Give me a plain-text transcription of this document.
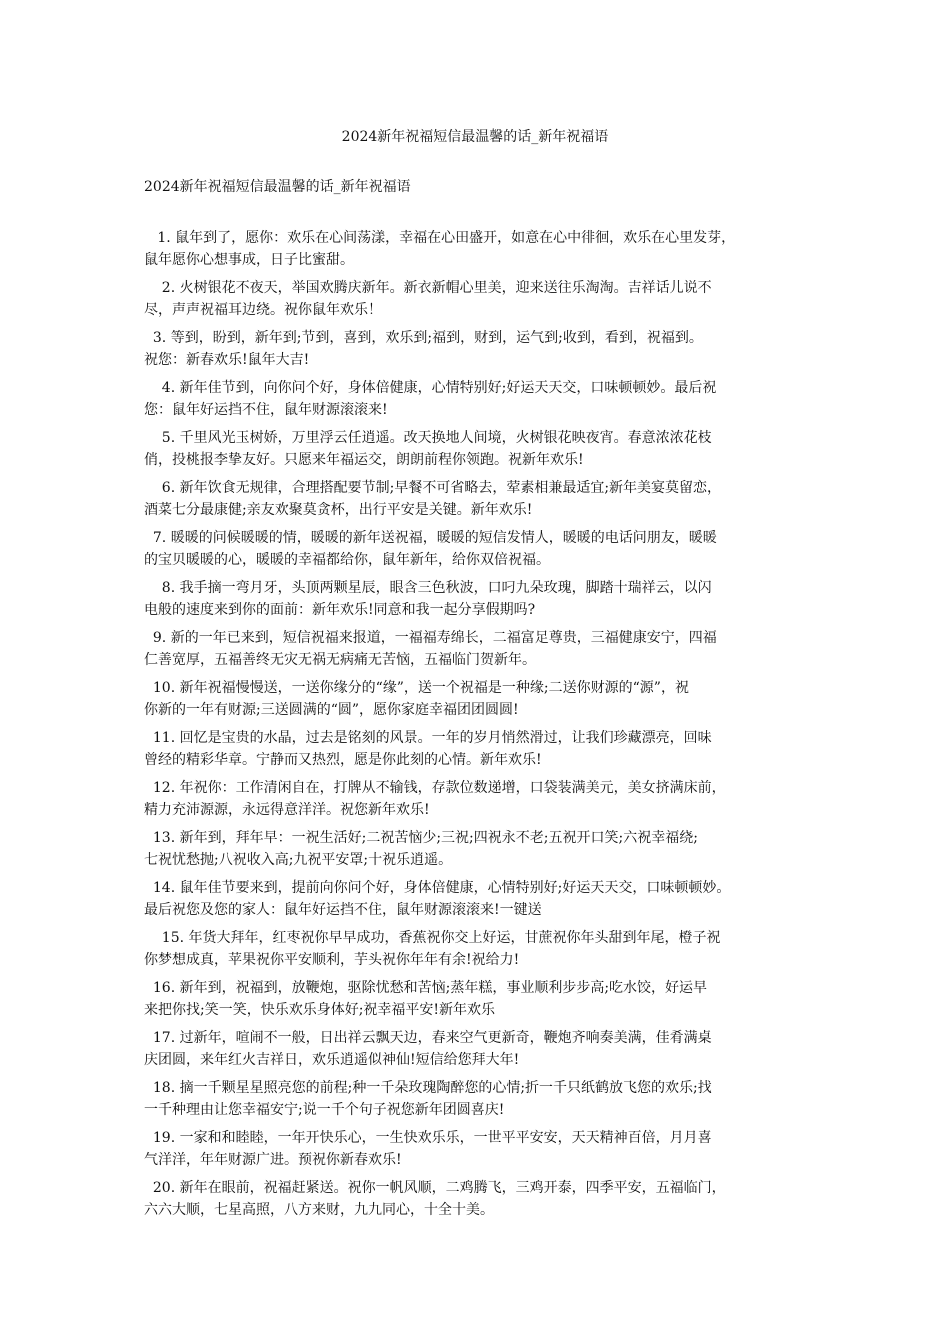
2024新年祝福短信最温馨的话_新年祝福语
2024新年祝福短信最温馨的话_新年祝福语
1. 鼠年到了，愿你：欢乐在心间荡漾，幸福在心田盛开，如意在心中徘徊，欢乐在心里发芽，
鼠年愿你心想事成，日子比蜜甜。
2. 火树银花不夜天，举国欢腾庆新年。新衣新帽心里美，迎来送往乐淘淘。吉祥话儿说不
尽，声声祝福耳边绕。祝你鼠年欢乐！
3. 等到，盼到，新年到;节到，喜到，欢乐到;福到，财到，运气到;收到，看到，祝福到。
祝您：新春欢乐!鼠年大吉!
4. 新年佳节到，向你问个好，身体倍健康，心情特别好;好运天天交，口味顿顿妙。最后祝
您：鼠年好运挡不住，鼠年财源滚滚来!
5. 千里风光玉树娇，万里浮云任逍遥。改天换地人间境，火树银花映夜宵。春意浓浓花枝
俏，投桃报李挚友好。只愿来年福运交，朗朗前程你领跑。祝新年欢乐!
6. 新年饮食无规律，合理搭配要节制;早餐不可省略去，荤素相兼最适宜;新年美宴莫留恋，
酒菜七分最康健;亲友欢聚莫贪杯，出行平安是关键。新年欢乐!
7. 暖暖的问候暖暖的情，暖暖的新年送祝福，暖暖的短信发情人，暖暖的电话问朋友，暖暖
的宝贝暖暖的心，暖暖的幸福都给你，鼠年新年，给你双倍祝福。
8. 我手摘一弯月牙，头顶两颗星辰，眼含三色秋波，口叼九朵玫瑰，脚踏十瑞祥云，以闪
电般的速度来到你的面前：新年欢乐!同意和我一起分享假期吗?
9. 新的一年已来到，短信祝福来报道，一福福寿绵长，二福富足尊贵，三福健康安宁，四福
仁善宽厚，五福善终无灾无祸无病痛无苦恼，五福临门贺新年。
10. 新年祝福慢慢送，一送你缘分的“缘”，送一个祝福是一种缘;二送你财源的“源”，祝
你新的一年有财源;三送圆满的“圆”，愿你家庭幸福团团圆圆!
11. 回忆是宝贵的水晶，过去是铭刻的风景。一年的岁月悄然滑过，让我们珍藏漂亮，回味
曾经的精彩华章。宁静而又热烈，愿是你此刻的心情。新年欢乐!
12. 年祝你：工作清闲自在，打牌从不输钱，存款位数递增，口袋装满美元，美女挤满床前，
精力充沛源源，永远得意洋洋。祝您新年欢乐!
13. 新年到，拜年早：一祝生活好;二祝苦恼少;三祝;四祝永不老;五祝开口笑;六祝幸福绕;
七祝忧愁抛;八祝收入高;九祝平安罩;十祝乐逍遥。
14. 鼠年佳节要来到，提前向你问个好，身体倍健康，心情特别好;好运天天交，口味顿顿妙。
最后祝您及您的家人：鼠年好运挡不住，鼠年财源滚滚来!一键送
15. 年货大拜年，红枣祝你早早成功，香蕉祝你交上好运，甘蔗祝你年头甜到年尾，橙子祝
你梦想成真，苹果祝你平安顺利，芋头祝你年年有余!祝给力!
16. 新年到，祝福到，放鞭炮，驱除忧愁和苦恼;蒸年糕，事业顺利步步高;吃水饺，好运早
来把你找;笑一笑，快乐欢乐身体好;祝幸福平安!新年欢乐
17. 过新年，喧闹不一般，日出祥云飘天边，春来空气更新奇，鞭炮齐响奏美满，佳肴满桌
庆团圆，来年红火吉祥日，欢乐逍遥似神仙!短信给您拜大年!
18. 摘一千颗星星照亮您的前程;种一千朵玫瑰陶醉您的心情;折一千只纸鹤放飞您的欢乐;找
一千种理由让您幸福安宁;说一千个句子祝您新年团圆喜庆!
19. 一家和和睦睦，一年开快乐心，一生快欢乐乐，一世平平安安，天天精神百倍，月月喜
气洋洋，年年财源广进。预祝你新春欢乐!
20. 新年在眼前，祝福赶紧送。祝你一帆风顺，二鸡腾飞，三鸡开泰，四季平安，五福临门，
六六大顺，七星高照，八方来财，九九同心，十全十美。
